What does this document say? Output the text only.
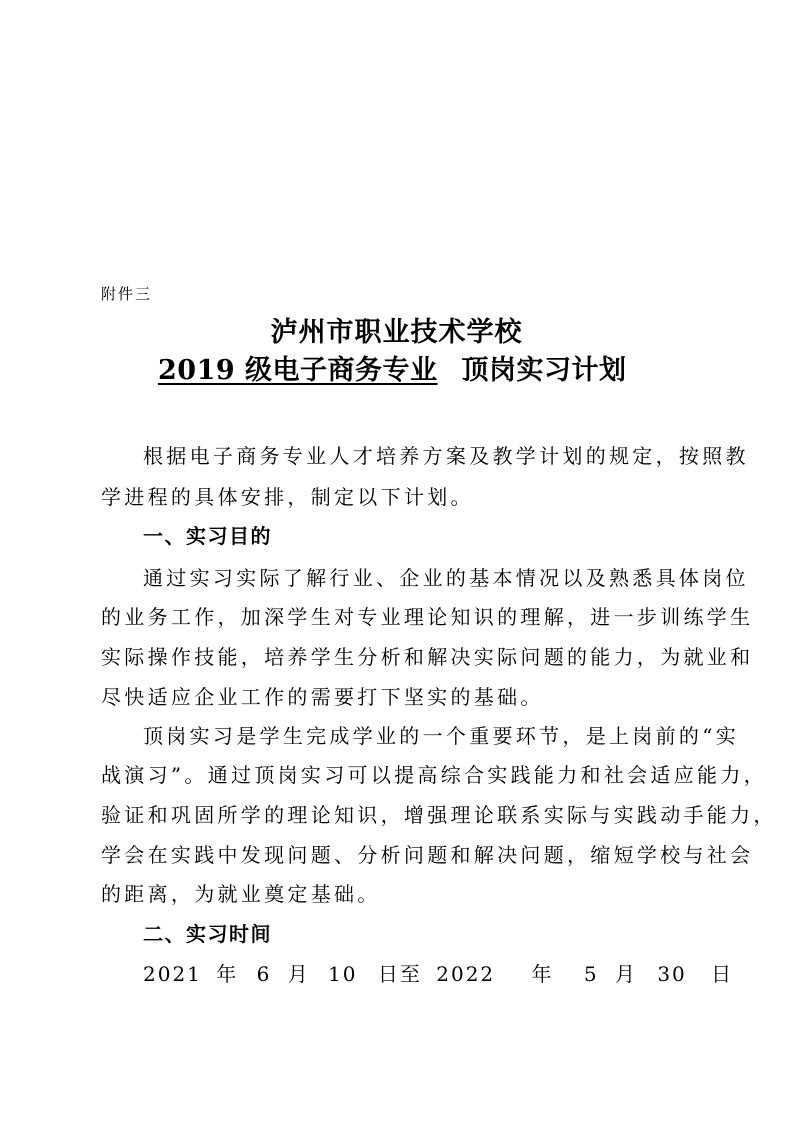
附件三
泸州市职业技术学校
2019 级电子商务专业 顶岗实习计划
根据电子商务专业人才培养方案及教学计划的规定，按照教
学进程的具体安排，制定以下计划。
一、实习目的
通过实习实际了解行业、企业的基本情况以及熟悉具体岗位
的业务工作，加深学生对专业理论知识的理解，进一步训练学生
实际操作技能，培养学生分析和解决实际问题的能力，为就业和
尽快适应企业工作的需要打下坚实的基础。
顶岗实习是学生完成学业的一个重要环节，是上岗前的“实
战演习”。通过顶岗实习可以提高综合实践能力和社会适应能力，
验证和巩固所学的理论知识，增强理论联系实际与实践动手能力，
学会在实践中发现问题、分析问题和解决问题，缩短学校与社会
的距离，为就业奠定基础。
二、实习时间
2021 年 6 月 10 日至 2022 年 5 月 30 日
